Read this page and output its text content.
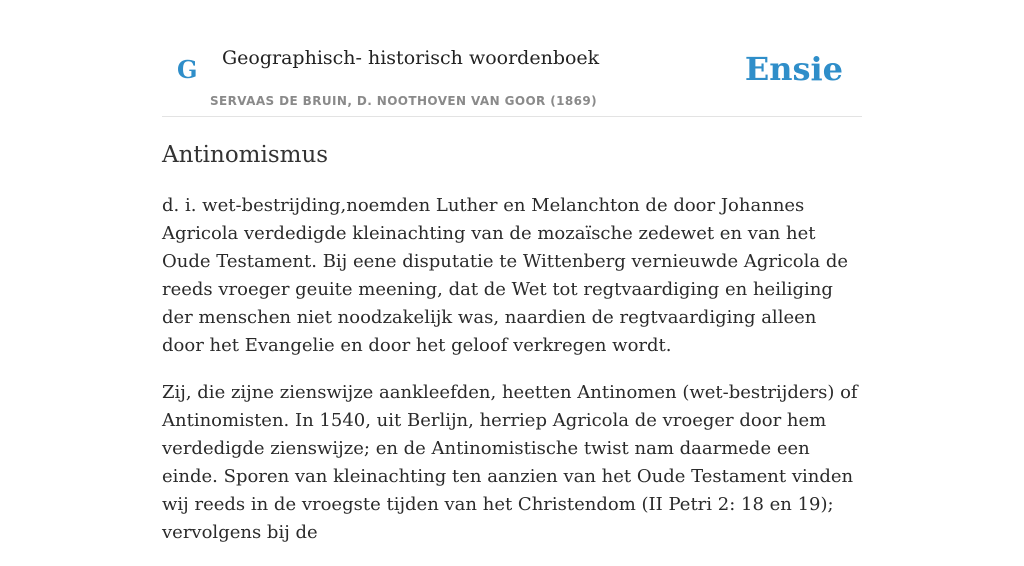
G Geographisch- historisch woordenboek
SERVAAS DE BRUIN, D. NOOTHOVEN VAN GOOR (1869)
Ensie
Antinomismus

d. i. wet-bestrijding,noemden Luther en Melanchton de door Johannes Agricola verdedigde kleinachting van de mozaïsche zedewet en van het Oude Testament. Bij eene disputatie te Wittenberg vernieuwde Agricola de reeds vroeger geuite meening, dat de Wet tot regtvaardiging en heiliging der menschen niet noodzakelijk was, naardien de regtvaardiging alleen door het Evangelie en door het geloof verkregen wordt.

Zij, die zijne zienswijze aankleefden, heetten Antinomen (wet-bestrijders) of Antinomisten. In 1540, uit Berlijn, herriep Agricola de vroeger door hem verdedigde zienswijze; en de Antinomistische twist nam daarmede een einde. Sporen van kleinachting ten aanzien van het Oude Testament vinden wij reeds in de vroegste tijden van het Christendom (II Petri 2: 18 en 19); vervolgens bij de
